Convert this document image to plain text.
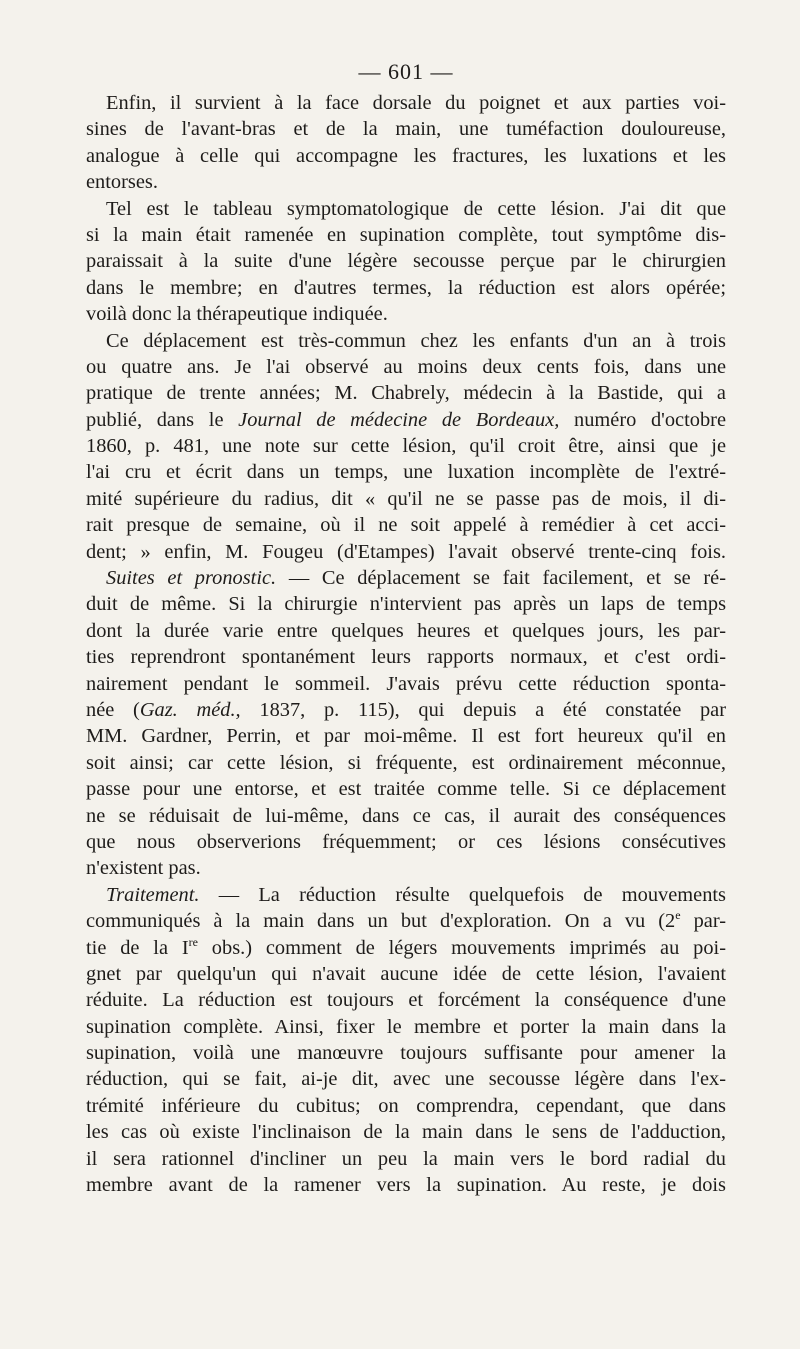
— 601 —
Enfin, il survient à la face dorsale du poignet et aux parties voi-
sines de l'avant-bras et de la main, une tuméfaction douloureuse,
analogue à celle qui accompagne les fractures, les luxations et les
entorses.
Tel est le tableau symptomatologique de cette lésion. J'ai dit que
si la main était ramenée en supination complète, tout symptôme dis-
paraissait à la suite d'une légère secousse perçue par le chirurgien
dans le membre; en d'autres termes, la réduction est alors opérée;
voilà donc la thérapeutique indiquée.
Ce déplacement est très-commun chez les enfants d'un an à trois
ou quatre ans. Je l'ai observé au moins deux cents fois, dans une
pratique de trente années; M. Chabrely, médecin à la Bastide, qui a
publié, dans le Journal de médecine de Bordeaux, numéro d'octobre
1860, p. 481, une note sur cette lésion, qu'il croit être, ainsi que je
l'ai cru et écrit dans un temps, une luxation incomplète de l'extré-
mité supérieure du radius, dit « qu'il ne se passe pas de mois, il di-
rait presque de semaine, où il ne soit appelé à remédier à cet acci-
dent; » enfin, M. Fougeu (d'Etampes) l'avait observé trente-cinq fois.
Suites et pronostic. — Ce déplacement se fait facilement, et se ré-
duit de même. Si la chirurgie n'intervient pas après un laps de temps
dont la durée varie entre quelques heures et quelques jours, les par-
ties reprendront spontanément leurs rapports normaux, et c'est ordi-
nairement pendant le sommeil. J'avais prévu cette réduction sponta-
née (Gaz. méd., 1837, p. 115), qui depuis a été constatée par
MM. Gardner, Perrin, et par moi-même. Il est fort heureux qu'il en
soit ainsi; car cette lésion, si fréquente, est ordinairement méconnue,
passe pour une entorse, et est traitée comme telle. Si ce déplacement
ne se réduisait de lui-même, dans ce cas, il aurait des conséquences
que nous observerions fréquemment; or ces lésions consécutives
n'existent pas.
Traitement. — La réduction résulte quelquefois de mouvements
communiqués à la main dans un but d'exploration. On a vu (2e par-
tie de la Ire obs.) comment de légers mouvements imprimés au poi-
gnet par quelqu'un qui n'avait aucune idée de cette lésion, l'avaient
réduite. La réduction est toujours et forcément la conséquence d'une
supination complète. Ainsi, fixer le membre et porter la main dans la
supination, voilà une manœuvre toujours suffisante pour amener la
réduction, qui se fait, ai-je dit, avec une secousse légère dans l'ex-
trémité inférieure du cubitus; on comprendra, cependant, que dans
les cas où existe l'inclinaison de la main dans le sens de l'adduction,
il sera rationnel d'incliner un peu la main vers le bord radial du
membre avant de la ramener vers la supination. Au reste, je dois
